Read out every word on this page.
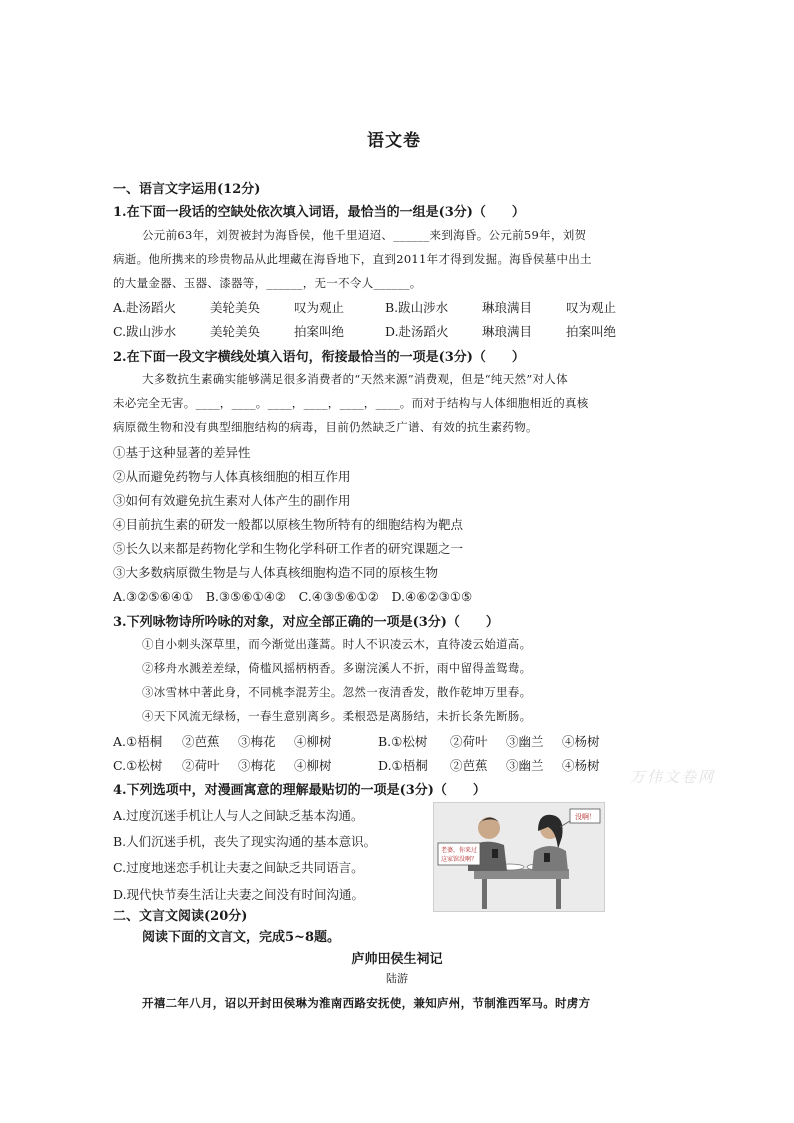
语文卷
一、语言文字运用(12分)
1.在下面一段话的空缺处依次填入词语，最恰当的一组是(3分)（　　）
公元前63年，刘贺被封为海昏侯，他千里迢迢、______来到海昏。公元前59年，刘贺
病逝。他所携来的珍贵物品从此埋藏在海昏地下，直到2011年才得到发掘。海昏侯墓中出土
的大量金器、玉器、漆器等，______，无一不令人______。
A.赴汤蹈火	美轮美奂	叹为观止	B.跋山涉水	琳琅满目	叹为观止
C.跋山涉水	美轮美奂	拍案叫绝	D.赴汤蹈火	琳琅满目	拍案叫绝
2.在下面一段文字横线处填入语句，衔接最恰当的一项是(3分)（　　）
大多数抗生素确实能够满足很多消费者的“天然来源”消费观，但是“纯天然”对人体
未必完全无害。____，____。____，____，____，____。而对于结构与人体细胞相近的真核
病原微生物和没有典型细胞结构的病毒，目前仍然缺乏广谱、有效的抗生素药物。
①基于这种显著的差异性
②从而避免药物与人体真核细胞的相互作用
③如何有效避免抗生素对人体产生的副作用
④目前抗生素的研发一般都以原核生物所特有的细胞结构为靶点
⑤长久以来都是药物化学和生物化学科研工作者的研究课题之一
③大多数病原微生物是与人体真核细胞构造不同的原核生物
A.③②⑤⑥④①　B.③⑤⑥①④②　C.④③⑤⑥①②　D.④⑥②③①⑤
3.下列咏物诗所吟咏的对象，对应全部正确的一项是(3分)（　　）
①自小刺头深草里，而今渐觉出蓬蒿。时人不识凌云木，直待凌云始道高。
②移舟水溅差差绿，倚槛风摇柄柄香。多谢浣溪人不折，雨中留得盖鸳鸯。
③冰雪林中著此身，不同桃李混芳尘。忽然一夜清香发，散作乾坤万里春。
④天下风流无绿杨，一春生意别离乡。柔根恐是离肠结，未折长条先断肠。
A.①梧桐 ②芭蕉 ③梅花 ④柳树	B.①松树 ②荷叶 ③幽兰 ④杨树
C.①松树 ②荷叶 ③梅花 ④柳树	D.①梧桐 ②芭蕉 ③幽兰 ④杨树
万伟文卷网
4.下列选项中，对漫画寓意的理解最贴切的一项是(3分)（　　）
A.过度沉迷手机让人与人之间缺乏基本沟通。
B.人们沉迷手机，丧失了现实沟通的基本意识。
C.过度地迷恋手机让夫妻之间缺乏共同语言。
D.现代快节奏生活让夫妻之间没有时间沟通。
老婆，你来过
这家馆没啊？
没啊！
二、文言文阅读(20分)
阅读下面的文言文，完成5~8题。
庐帅田侯生祠记
陆游
开禧二年八月，诏以开封田侯琳为淮南西路安抚使，兼知庐州，节制淮西军马。时虏方
